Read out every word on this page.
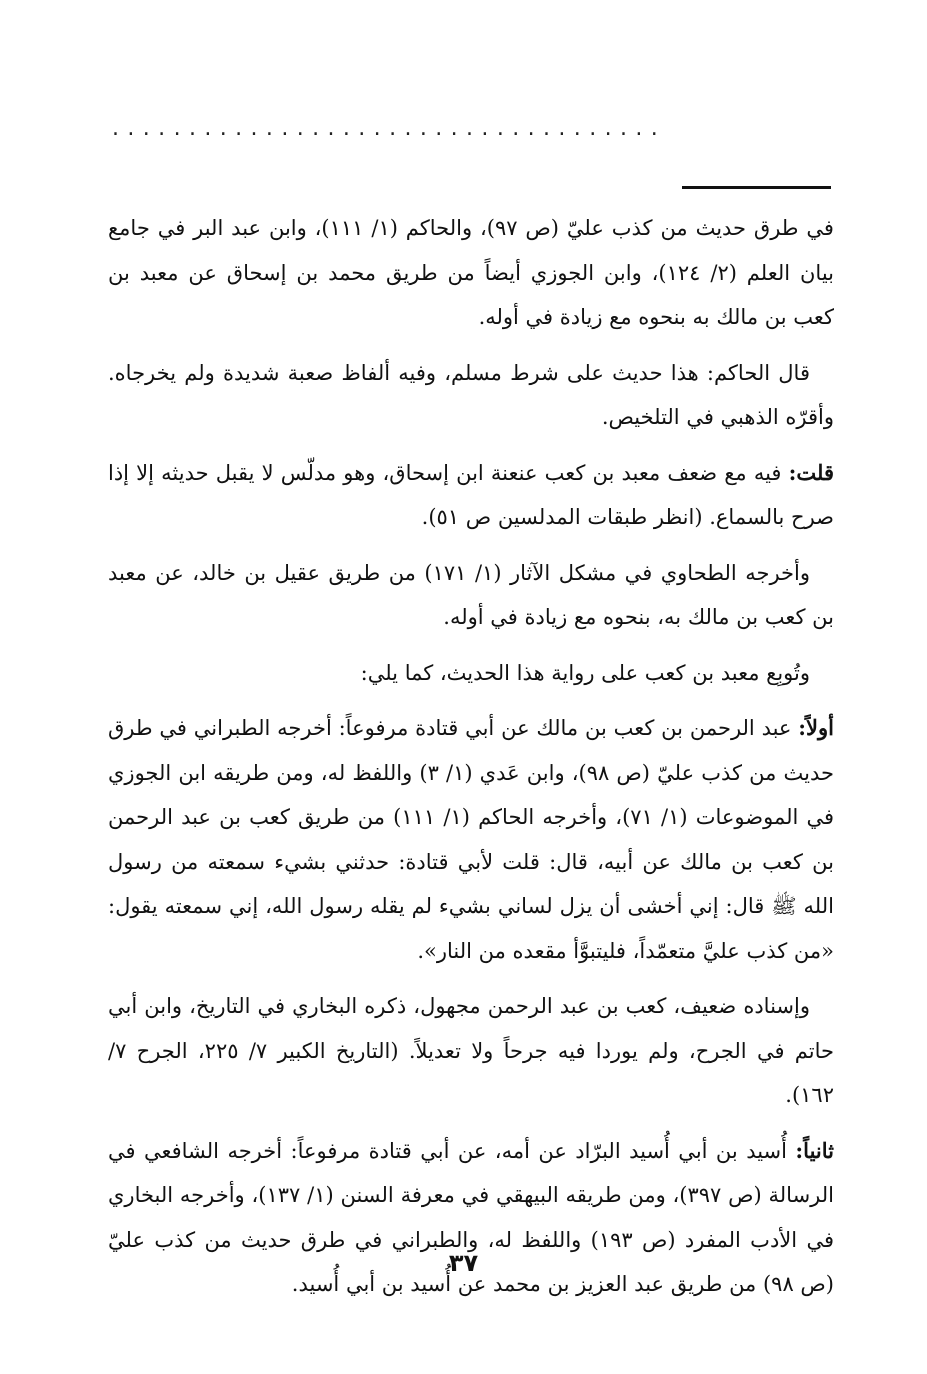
....................................

في طرق حديث من كذب عليّ (ص ٩٧)، والحاكم (١/ ١١١)، وابن عبد البر في جامع بيان العلم (٢/ ١٢٤)، وابن الجوزي أيضاً من طريق محمد بن إسحاق عن معبد بن كعب بن مالك به بنحوه مع زيادة في أوله.

قال الحاكم: هذا حديث على شرط مسلم، وفيه ألفاظ صعبة شديدة ولم يخرجاه. وأقرّه الذهبي في التلخيص.

قلت: فيه مع ضعف معبد بن كعب عنعنة ابن إسحاق، وهو مدلّس لا يقبل حديثه إلا إذا صرح بالسماع. (انظر طبقات المدلسين ص ٥١).

وأخرجه الطحاوي في مشكل الآثار (١/ ١٧١) من طريق عقيل بن خالد، عن معبد بن كعب بن مالك به، بنحوه مع زيادة في أوله.

وتُوبِع معبد بن كعب على رواية هذا الحديث، كما يلي:

أولاً: عبد الرحمن بن كعب بن مالك عن أبي قتادة مرفوعاً: أخرجه الطبراني في طرق حديث من كذب عليّ (ص ٩٨)، وابن عَدي (١/ ٣) واللفظ له، ومن طريقه ابن الجوزي في الموضوعات (١/ ٧١)، وأخرجه الحاكم (١/ ١١١) من طريق كعب بن عبد الرحمن بن كعب بن مالك عن أبيه، قال: قلت لأبي قتادة: حدثني بشيء سمعته من رسول الله ﷺ قال: إني أخشى أن يزل لساني بشيء لم يقله رسول الله، إني سمعته يقول: «من كذب عليَّ متعمّداً، فليتبوَّأ مقعده من النار».

وإسناده ضعيف، كعب بن عبد الرحمن مجهول، ذكره البخاري في التاريخ، وابن أبي حاتم في الجرح، ولم يوردا فيه جرحاً ولا تعديلاً. (التاريخ الكبير ٧/ ٢٢٥، الجرح ٧/ ١٦٢).

ثانياً: أُسيد بن أبي أُسيد البرّاد عن أمه، عن أبي قتادة مرفوعاً: أخرجه الشافعي في الرسالة (ص ٣٩٧)، ومن طريقه البيهقي في معرفة السنن (١/ ١٣٧)، وأخرجه البخاري في الأدب المفرد (ص ١٩٣) واللفظ له، والطبراني في طرق حديث من كذب عليّ (ص ٩٨) من طريق عبد العزيز بن محمد عن أُسيد بن أبي أُسيد.

٣٧
